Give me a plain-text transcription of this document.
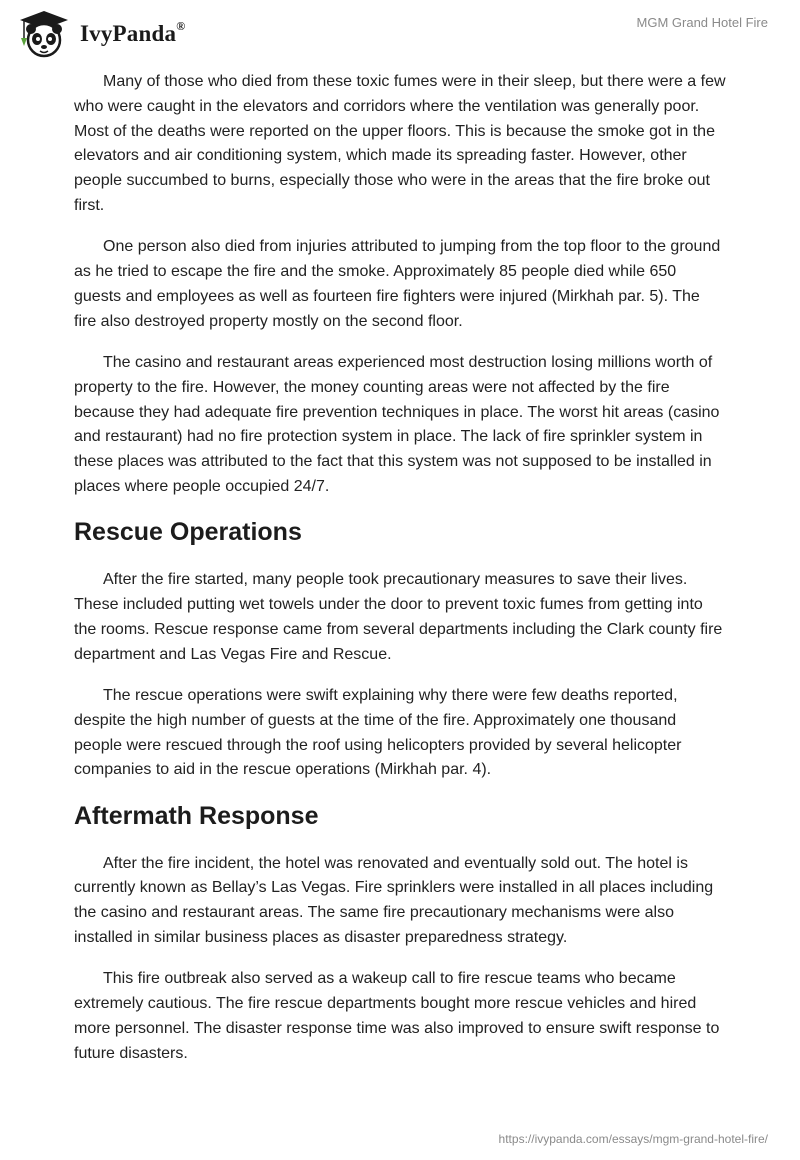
IvyPanda®	MGM Grand Hotel Fire

Many of those who died from these toxic fumes were in their sleep, but there were a few who were caught in the elevators and corridors where the ventilation was generally poor. Most of the deaths were reported on the upper floors. This is because the smoke got in the elevators and air conditioning system, which made its spreading faster. However, other people succumbed to burns, especially those who were in the areas that the fire broke out first.

One person also died from injuries attributed to jumping from the top floor to the ground as he tried to escape the fire and the smoke. Approximately 85 people died while 650 guests and employees as well as fourteen fire fighters were injured (Mirkhah par. 5). The fire also destroyed property mostly on the second floor.

The casino and restaurant areas experienced most destruction losing millions worth of property to the fire. However, the money counting areas were not affected by the fire because they had adequate fire prevention techniques in place. The worst hit areas (casino and restaurant) had no fire protection system in place. The lack of fire sprinkler system in these places was attributed to the fact that this system was not supposed to be installed in places where people occupied 24/7.

Rescue Operations

After the fire started, many people took precautionary measures to save their lives. These included putting wet towels under the door to prevent toxic fumes from getting into the rooms. Rescue response came from several departments including the Clark county fire department and Las Vegas Fire and Rescue.

The rescue operations were swift explaining why there were few deaths reported, despite the high number of guests at the time of the fire. Approximately one thousand people were rescued through the roof using helicopters provided by several helicopter companies to aid in the rescue operations (Mirkhah par. 4).

Aftermath Response

After the fire incident, the hotel was renovated and eventually sold out. The hotel is currently known as Bellay’s Las Vegas. Fire sprinklers were installed in all places including the casino and restaurant areas. The same fire precautionary mechanisms were also installed in similar business places as disaster preparedness strategy.

This fire outbreak also served as a wakeup call to fire rescue teams who became extremely cautious. The fire rescue departments bought more rescue vehicles and hired more personnel. The disaster response time was also improved to ensure swift response to future disasters.

https://ivypanda.com/essays/mgm-grand-hotel-fire/
